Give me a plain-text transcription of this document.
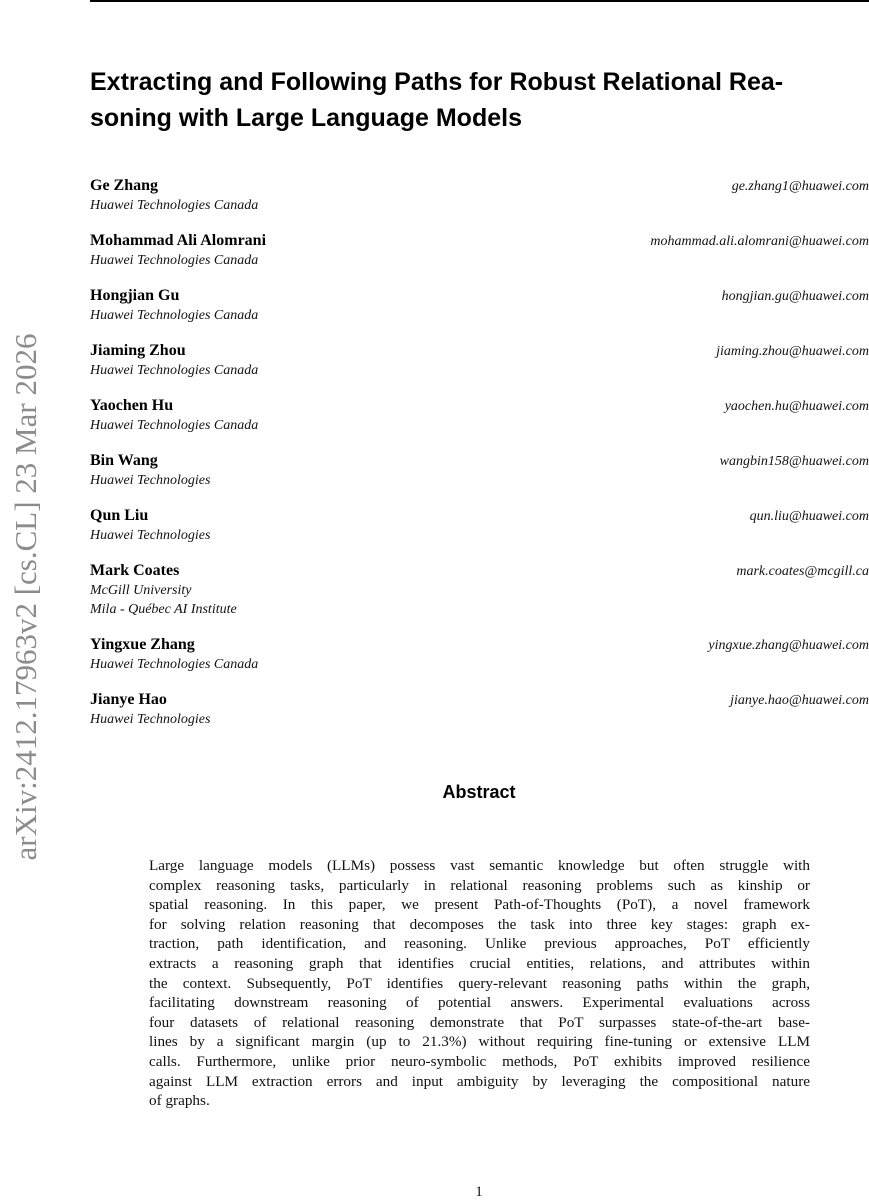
arXiv:2412.17963v2 [cs.CL] 23 Mar 2026
Extracting and Following Paths for Robust Relational Rea-
soning with Large Language Models
Ge Zhang	ge.zhang1@huawei.com
Huawei Technologies Canada
Mohammad Ali Alomrani	mohammad.ali.alomrani@huawei.com
Huawei Technologies Canada
Hongjian Gu	hongjian.gu@huawei.com
Huawei Technologies Canada
Jiaming Zhou	jiaming.zhou@huawei.com
Huawei Technologies Canada
Yaochen Hu	yaochen.hu@huawei.com
Huawei Technologies Canada
Bin Wang	wangbin158@huawei.com
Huawei Technologies
Qun Liu	qun.liu@huawei.com
Huawei Technologies
Mark Coates	mark.coates@mcgill.ca
McGill University
Mila - Québec AI Institute
Yingxue Zhang	yingxue.zhang@huawei.com
Huawei Technologies Canada
Jianye Hao	jianye.hao@huawei.com
Huawei Technologies
Abstract
Large language models (LLMs) possess vast semantic knowledge but often struggle with
complex reasoning tasks, particularly in relational reasoning problems such as kinship or
spatial reasoning. In this paper, we present Path-of-Thoughts (PoT), a novel framework
for solving relation reasoning that decomposes the task into three key stages: graph ex-
traction, path identification, and reasoning. Unlike previous approaches, PoT efficiently
extracts a reasoning graph that identifies crucial entities, relations, and attributes within
the context. Subsequently, PoT identifies query-relevant reasoning paths within the graph,
facilitating downstream reasoning of potential answers. Experimental evaluations across
four datasets of relational reasoning demonstrate that PoT surpasses state-of-the-art base-
lines by a significant margin (up to 21.3%) without requiring fine-tuning or extensive LLM
calls. Furthermore, unlike prior neuro-symbolic methods, PoT exhibits improved resilience
against LLM extraction errors and input ambiguity by leveraging the compositional nature
of graphs.
1
